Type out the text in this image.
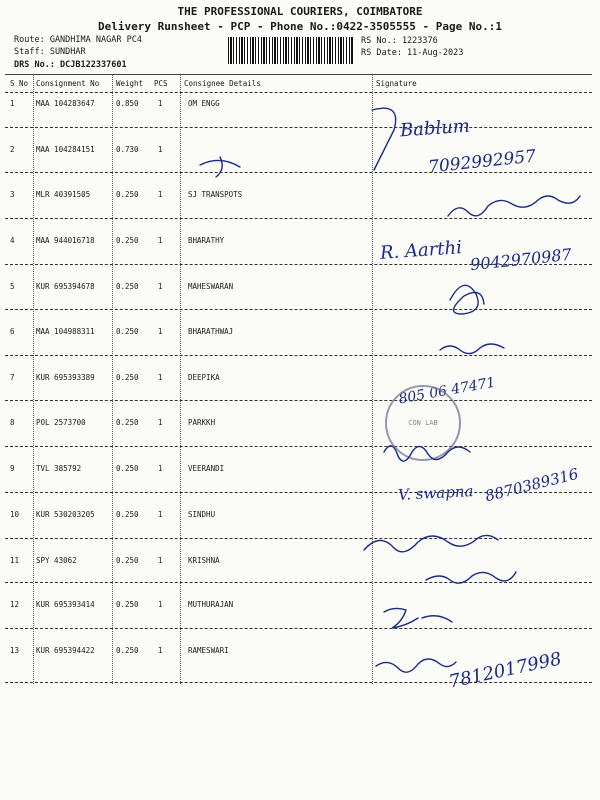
THE PROFESSIONAL COURIERS, COIMBATORE
Delivery Runsheet - PCP - Phone No.:0422-3505555 - Page No.:1
Route: GANDHIMA NAGAR PC4
Staff: SUNDHAR
DRS No.: DCJB122337601
RS No.: 1223376
RS Date: 11-Aug-2023
S No Consignment No Weight PCS Consignee Details	Signature
1	MAA 104283647	0.850	1	OM ENGG
2	MAA 104284151	0.730	1
3	MLR 40391505	0.250	1	SJ TRANSPOTS
4	MAA 944016718	0.250	1	BHARATHY
5	KUR 695394678	0.250	1	MAHESWARAN
6	MAA 104988311	0.250	1	BHARATHWAJ
7	KUR 695393389	0.250	1	DEEPIKA
8	POL 2573700	0.250	1	PARKKH
9	TVL 385792	0.250	1	VEERANDI
10 KUR 530203205	0.250	1	SINDHU
11 SPY 43062	0.250	1	KRISHNA
12 KUR 695393414	0.250	1	MUTHURAJAN
13 KUR 695394422	0.250	1	RAMESWARI
Bablum
7092992957
R. Aarthi 9042970987
805 06 47471
CON LAB
V. swapna 8870389316
7812017998
